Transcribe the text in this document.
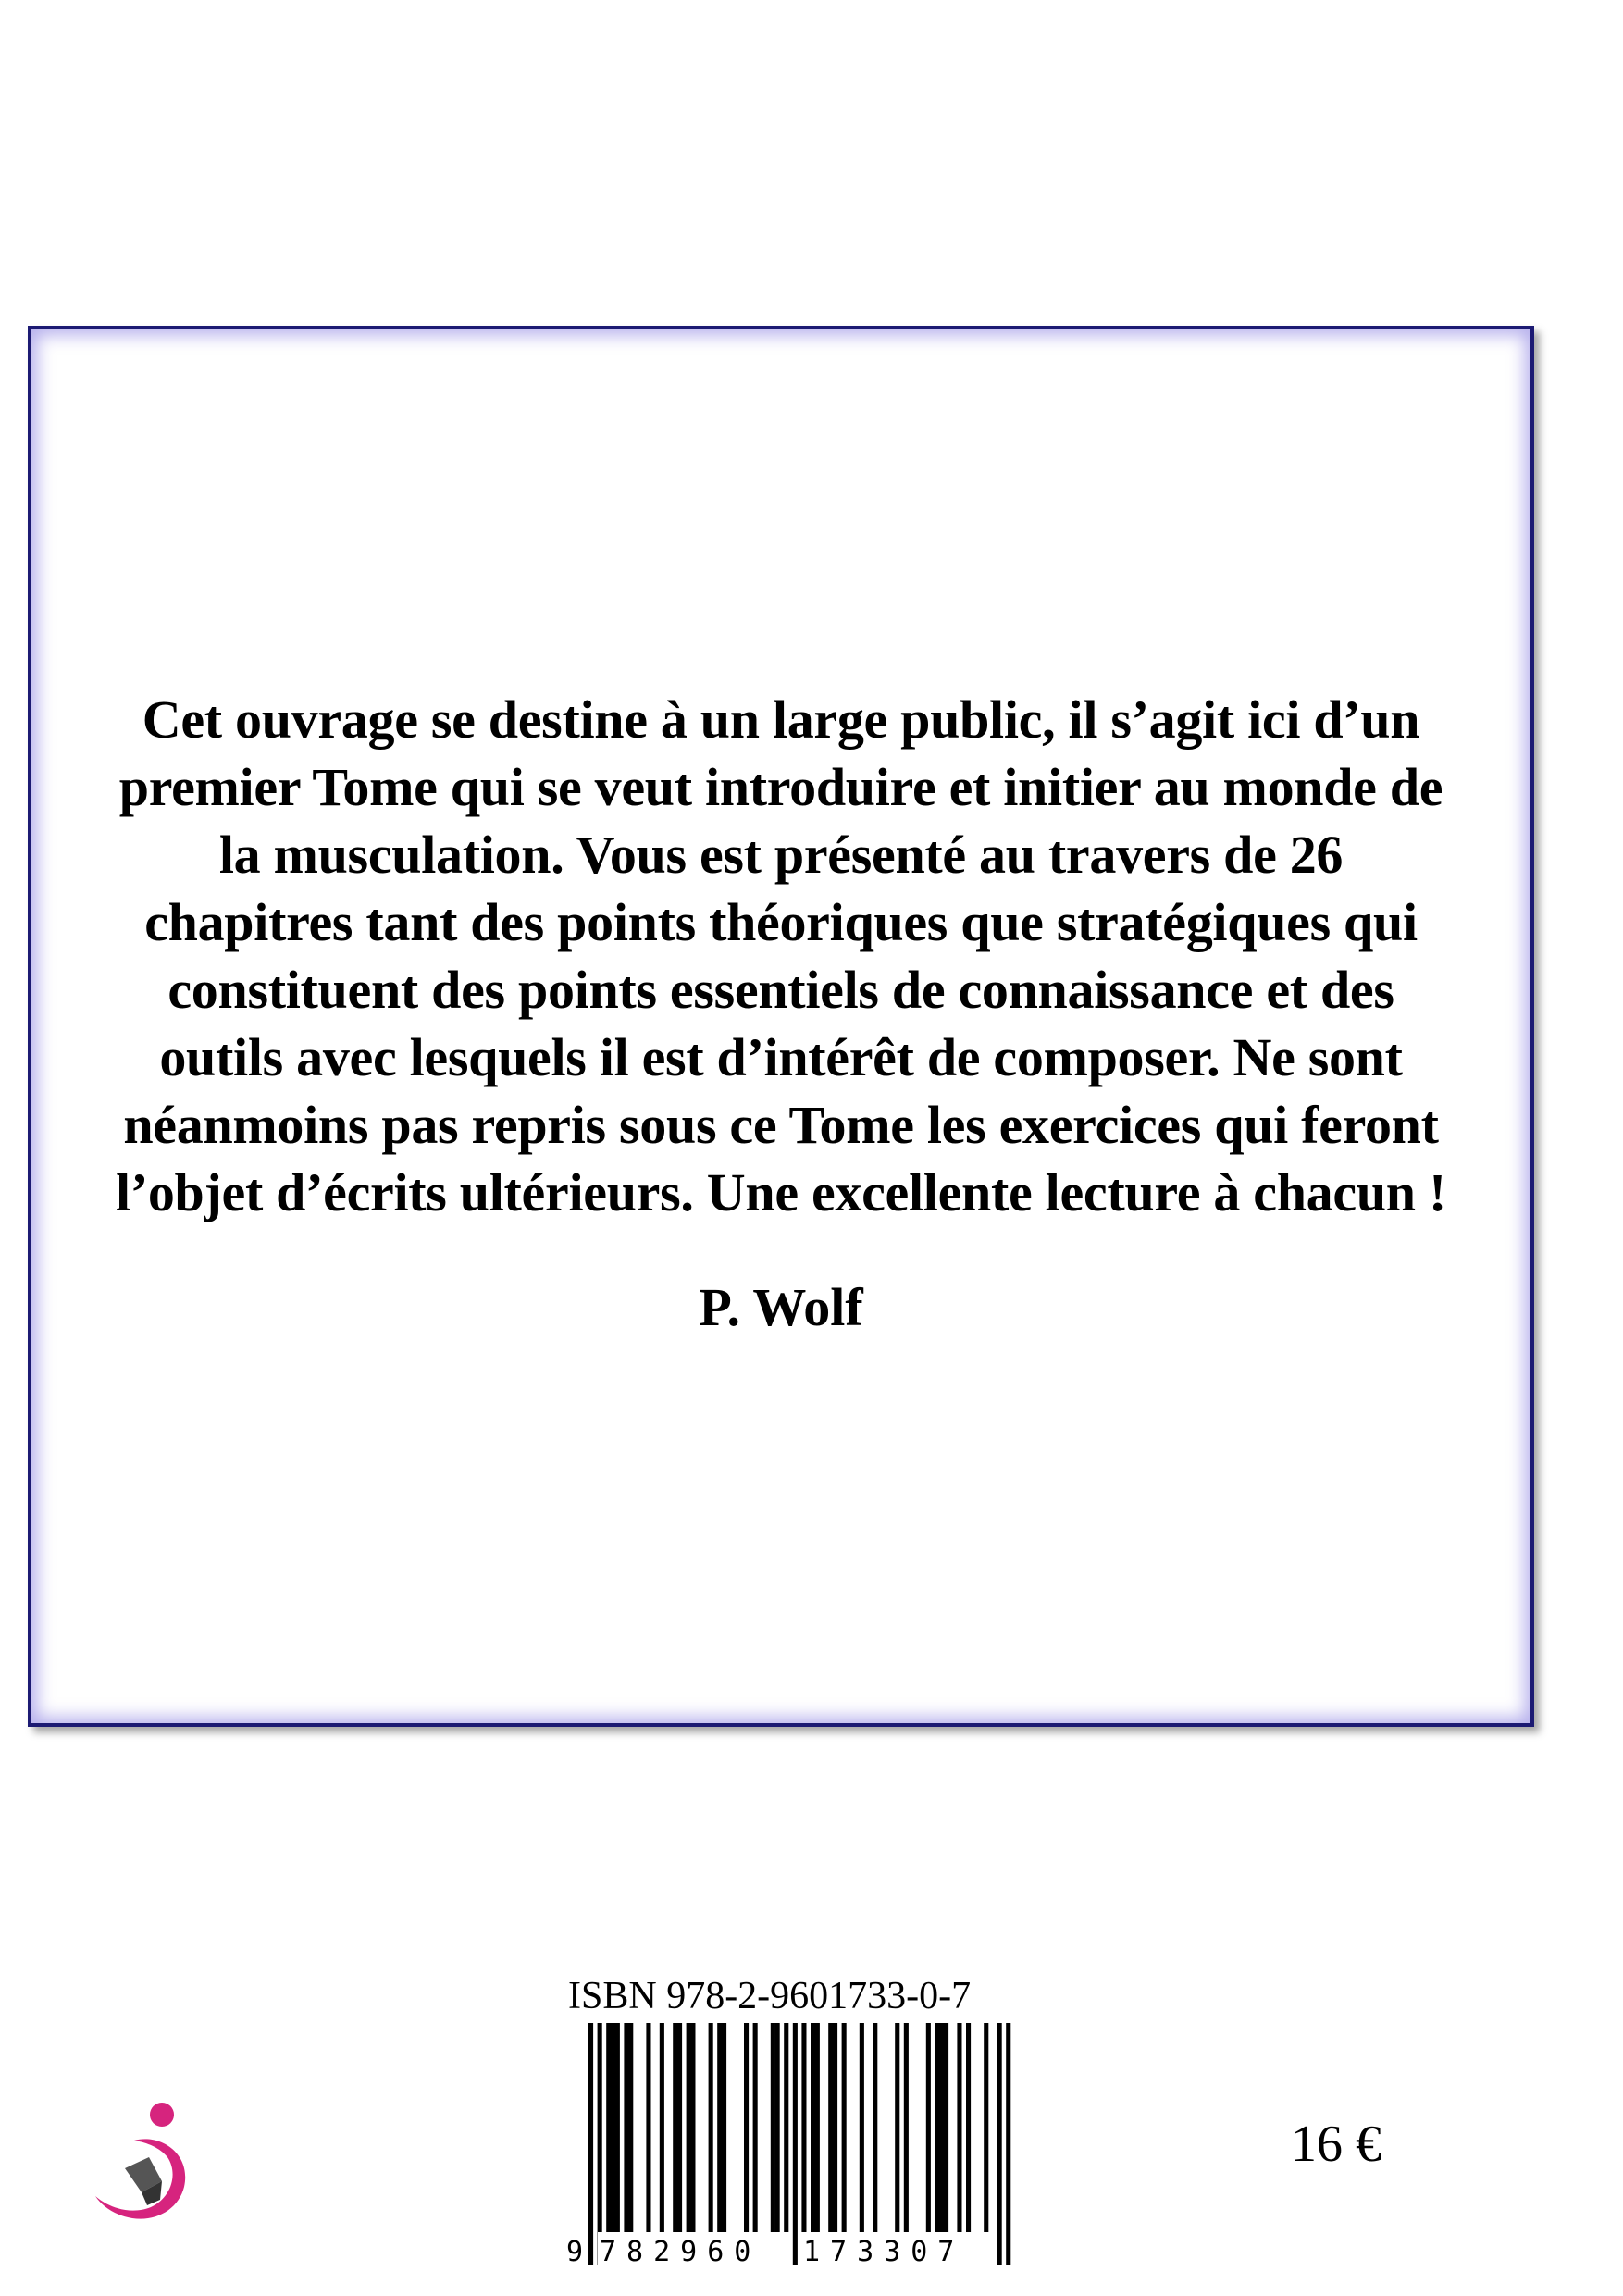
Cet ouvrage se destine à un large public, il s’agit ici d’un
premier Tome qui se veut introduire et initier au monde de
la musculation. Vous est présenté au travers de 26
chapitres tant des points théoriques que stratégiques qui
constituent des points essentiels de connaissance et des
outils avec lesquels il est d’intérêt de composer. Ne sont
néanmoins pas repris sous ce Tome les exercices qui feront
l’objet d’écrits ultérieurs. Une excellente lecture à chacun !

P. Wolf
ISBN 978-2-9601733-0-7
9 782960 173307
16 €
